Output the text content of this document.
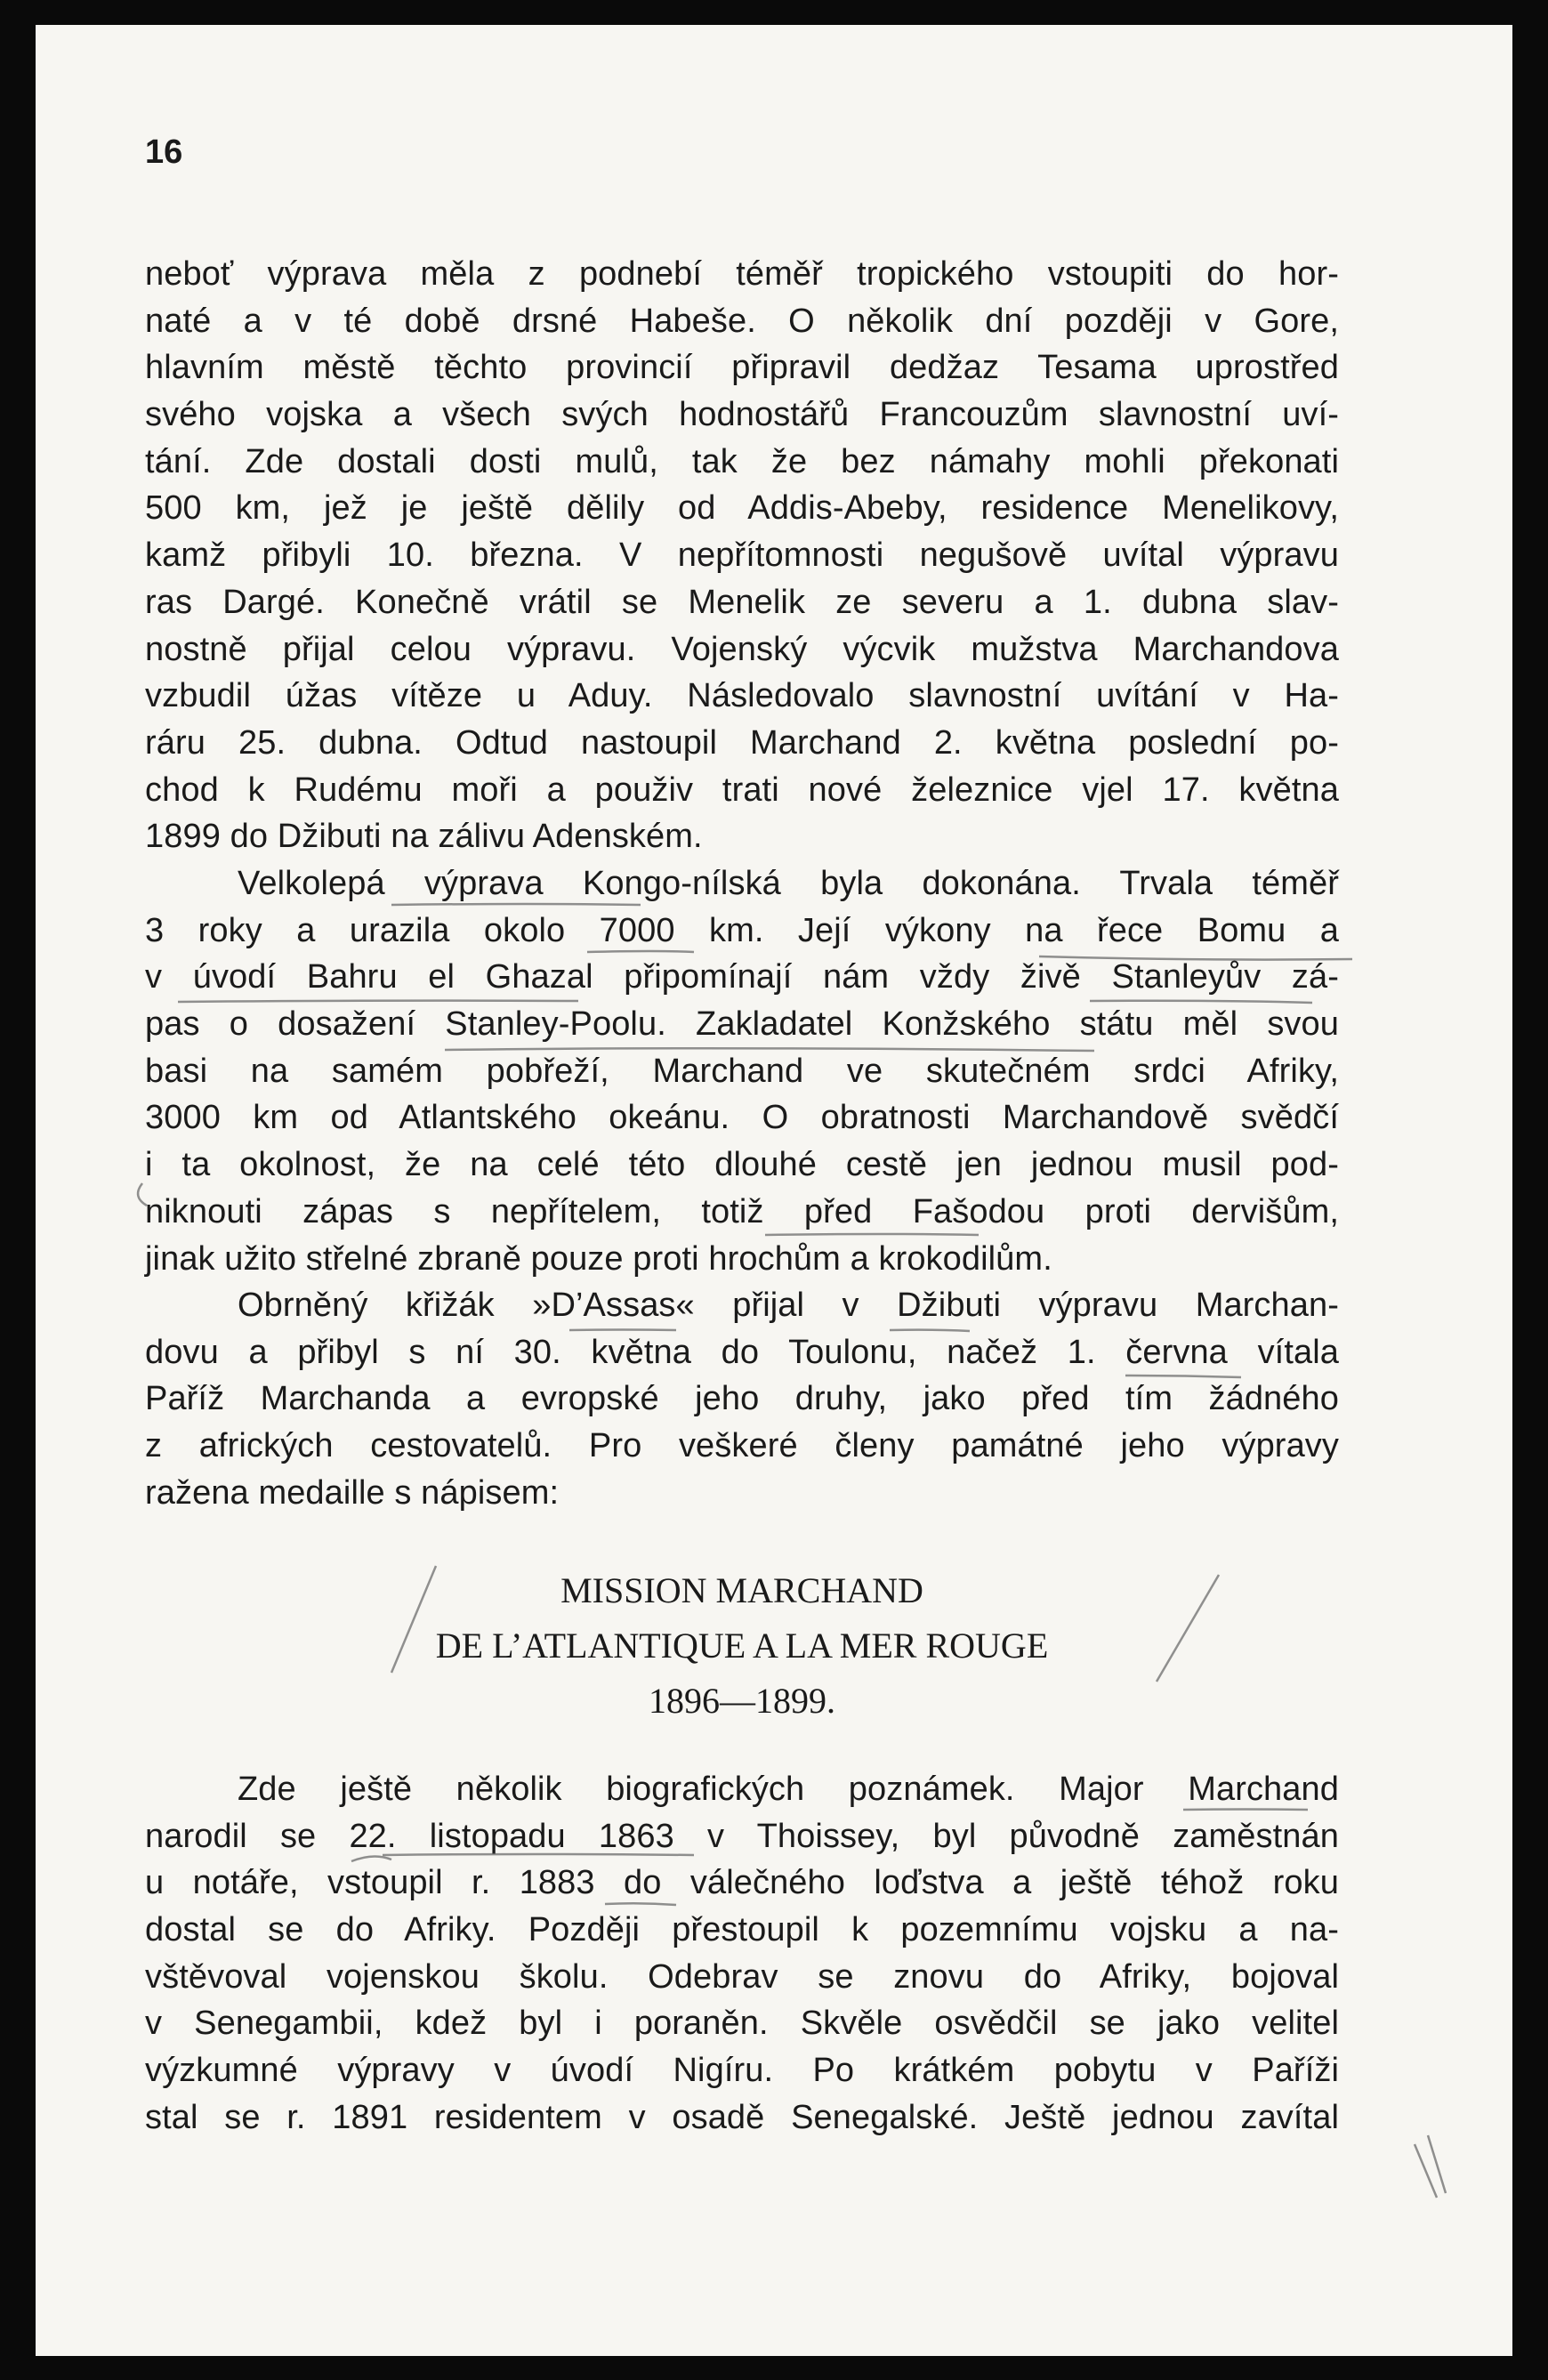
16
neboť výprava měla z podnebí téměř tropického vstoupiti do hor-
naté a v té době drsné Habeše. O několik dní později v Gore,
hlavním městě těchto provincií připravil dedžaz Tesama uprostřed
svého vojska a všech svých hodnostářů Francouzům slavnostní uví-
tání. Zde dostali dosti mulů, tak že bez námahy mohli překonati
500 km, jež je ještě dělily od Addis-Abeby, residence Menelikovy,
kamž přibyli 10. března. V nepřítomnosti negušově uvítal výpravu
ras Dargé. Konečně vrátil se Menelik ze severu a 1. dubna slav-
nostně přijal celou výpravu. Vojenský výcvik mužstva Marchandova
vzbudil úžas vítěze u Aduy. Následovalo slavnostní uvítání v Ha-
ráru 25. dubna. Odtud nastoupil Marchand 2. května poslední po-
chod k Rudému moři a použiv trati nové železnice vjel 17. května
1899 do Džibuti na zálivu Adenském.
Velkolepá výprava Kongo-nílská byla dokonána. Trvala téměř
3 roky a urazila okolo 7000 km. Její výkony na řece Bomu a
v úvodí Bahru el Ghazal připomínají nám vždy živě Stanleyův zá-
pas o dosažení Stanley-Poolu. Zakladatel Konžského státu měl svou
basi na samém pobřeží, Marchand ve skutečném srdci Afriky,
3000 km od Atlantského okeánu. O obratnosti Marchandově svědčí
i ta okolnost, že na celé této dlouhé cestě jen jednou musil pod-
niknouti zápas s nepřítelem, totiž před Fašodou proti dervišům,
jinak užito střelné zbraně pouze proti hrochům a krokodilům.
Obrněný křižák »D’Assas« přijal v Džibuti výpravu Marchan-
dovu a přibyl s ní 30. května do Toulonu, načež 1. června vítala
Paříž Marchanda a evropské jeho druhy, jako před tím žádného
z afrických cestovatelů. Pro veškeré členy památné jeho výpravy
ražena medaille s nápisem:
MISSION MARCHAND
DE L’ATLANTIQUE A LA MER ROUGE
1896—1899.
Zde ještě několik biografických poznámek. Major Marchand
narodil se 22. listopadu 1863 v Thoissey, byl původně zaměstnán
u notáře, vstoupil r. 1883 do válečného loďstva a ještě téhož roku
dostal se do Afriky. Později přestoupil k pozemnímu vojsku a na-
vštěvoval vojenskou školu. Odebrav se znovu do Afriky, bojoval
v Senegambii, kdež byl i poraněn. Skvěle osvědčil se jako velitel
výzkumné výpravy v úvodí Nigíru. Po krátkém pobytu v Paříži
stal se r. 1891 residentem v osadě Senegalské. Ještě jednou zavítal
